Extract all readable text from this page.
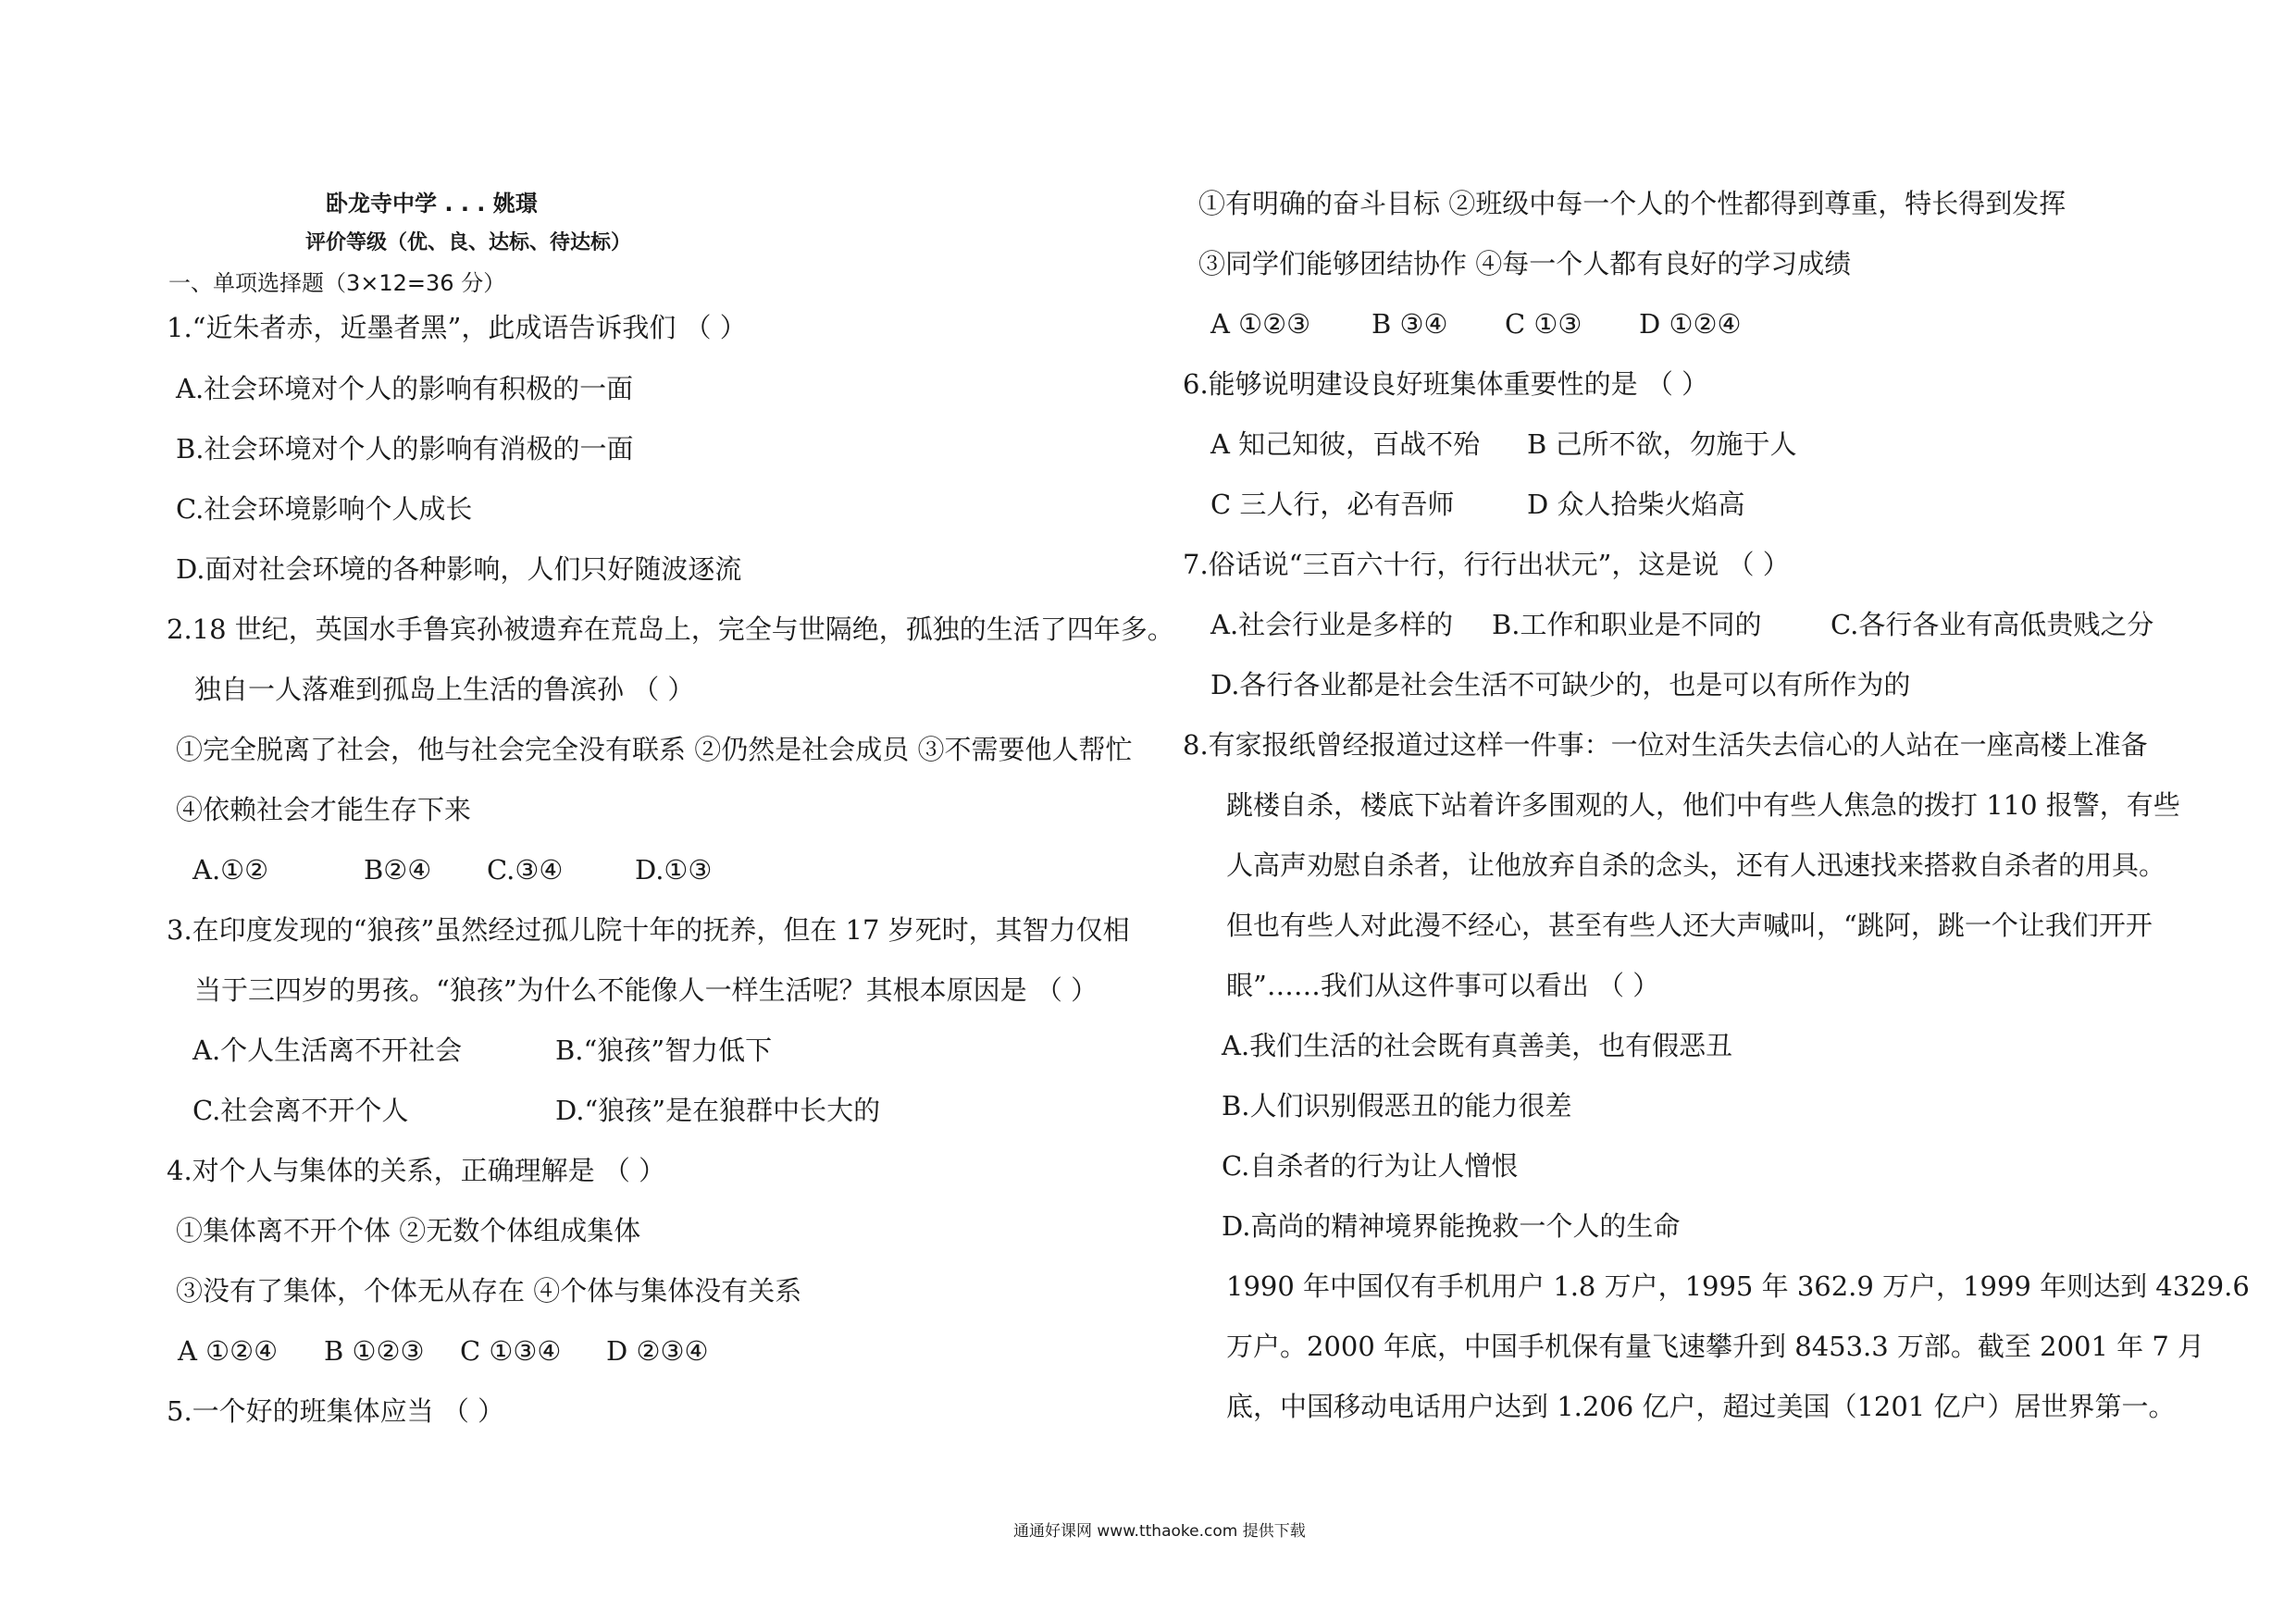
卧龙寺中学 . . . 姚璟
评价等级（优、良、达标、待达标）
一、单项选择题（3×12=36 分）
1.“近朱者赤，近墨者黑”，此成语告诉我们 （ ）
A.社会环境对个人的影响有积极的一面
B.社会环境对个人的影响有消极的一面
C.社会环境影响个人成长
D.面对社会环境的各种影响，人们只好随波逐流
2.18 世纪，英国水手鲁宾孙被遗弃在荒岛上，完全与世隔绝，孤独的生活了四年多。
独自一人落难到孤岛上生活的鲁滨孙 （ ）
①完全脱离了社会，他与社会完全没有联系 ②仍然是社会成员 ③不需要他人帮忙
④依赖社会才能生存下来
A.①②	B②④ C.③④	D.①③
3.在印度发现的“狼孩”虽然经过孤儿院十年的抚养，但在 17 岁死时，其智力仅相
当于三四岁的男孩。“狼孩”为什么不能像人一样生活呢？其根本原因是 （ ）
A.个人生活离不开社会	B.“狼孩”智力低下
C.社会离不开个人	D.“狼孩”是在狼群中长大的
4.对个人与集体的关系，正确理解是 （ ）
①集体离不开个体 ②无数个体组成集体
③没有了集体，个体无从存在 ④个体与集体没有关系
A ①②④ B ①②③ C ①③④ D ②③④
5.一个好的班集体应当 （ ）
①有明确的奋斗目标 ②班级中每一个人的个性都得到尊重，特长得到发挥
③同学们能够团结协作 ④每一个人都有良好的学习成绩
A ①②③ B ③④ C ①③ D ①②④
6.能够说明建设良好班集体重要性的是 （ ）
A 知己知彼，百战不殆 B 己所不欲，勿施于人
C 三人行，必有吾师	D 众人拾柴火焰高
7.俗话说“三百六十行，行行出状元”，这是说 （ ）
A.社会行业是多样的 B.工作和职业是不同的	C.各行各业有高低贵贱之分
D.各行各业都是社会生活不可缺少的，也是可以有所作为的
8.有家报纸曾经报道过这样一件事：一位对生活失去信心的人站在一座高楼上准备
跳楼自杀，楼底下站着许多围观的人，他们中有些人焦急的拨打 110 报警，有些
人高声劝慰自杀者，让他放弃自杀的念头，还有人迅速找来搭救自杀者的用具。
但也有些人对此漫不经心，甚至有些人还大声喊叫，“跳阿，跳一个让我们开开
眼”……我们从这件事可以看出 （ ）
A.我们生活的社会既有真善美，也有假恶丑
B.人们识别假恶丑的能力很差
C.自杀者的行为让人憎恨
D.高尚的精神境界能挽救一个人的生命
1990 年中国仅有手机用户 1.8 万户，1995 年 362.9 万户，1999 年则达到 4329.6
万户。2000 年底，中国手机保有量飞速攀升到 8453.3 万部。截至 2001 年 7 月
底，中国移动电话用户达到 1.206 亿户，超过美国（1201 亿户）居世界第一。
通通好课网 www.tthaoke.com 提供下载
